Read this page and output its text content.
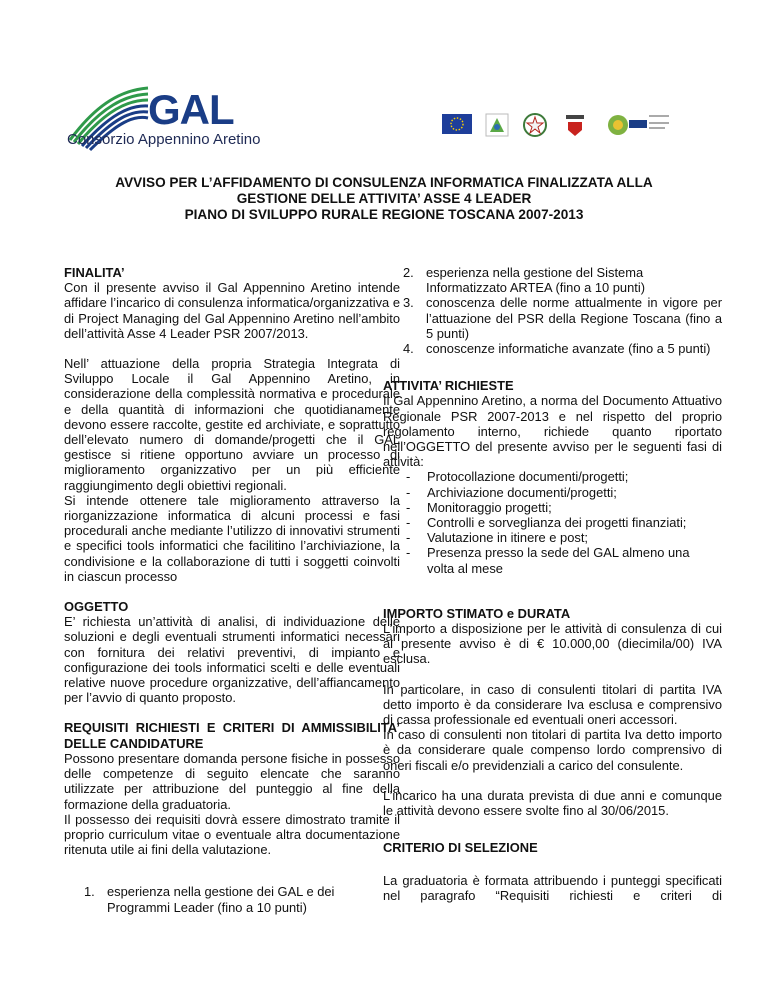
GAL
Consorzio Appennino Aretino
AVVISO PER L’AFFIDAMENTO DI CONSULENZA INFORMATICA FINALIZZATA ALLA
GESTIONE DELLE ATTIVITA’ ASSE 4 LEADER
PIANO DI SVILUPPO RURALE REGIONE TOSCANA 2007-2013

FINALITA’

Con il presente avviso il Gal Appennino Aretino intende affidare l’incarico di consulenza informatica/organizzativa e di Project Managing del Gal Appennino Aretino nell’ambito dell’attività Asse 4 Leader PSR 2007/2013.

Nell’ attuazione della propria Strategia Integrata di Sviluppo Locale il Gal Appennino Aretino, in considerazione della complessità normativa e procedurale e della quantità di informazioni che quotidianamente devono essere raccolte, gestite ed archiviate, e soprattutto dell’elevato numero di domande/progetti che il GAL gestisce si ritiene opportuno avviare un processo di miglioramento organizzativo per un più efficiente raggiungimento degli obiettivi regionali.

Si intende ottenere tale miglioramento attraverso la riorganizzazione informatica di alcuni processi e fasi procedurali anche mediante l’utilizzo di innovativi strumenti e specifici tools informatici che facilitino l’archiviazione, la condivisione e la collaborazione di tutti i soggetti coinvolti in ciascun processo

OGGETTO

E’ richiesta un’attività di analisi, di individuazione delle soluzioni e degli eventuali strumenti informatici necessari con fornitura dei relativi preventivi, di impianto e configurazione dei tools informatici scelti e delle eventuali relative nuove procedure organizzative, dell’affiancamento per l’avvio di quanto proposto.

REQUISITI RICHIESTI E CRITERI DI AMMISSIBILITA’ DELLE CANDIDATURE

Possono presentare domanda persone fisiche in possesso delle competenze di seguito elencate che saranno utilizzate per attribuzione del punteggio al fine della formazione della graduatoria.

Il possesso dei requisiti dovrà essere dimostrato tramite il proprio curriculum vitae o eventuale altra documentazione ritenuta utile ai fini della valutazione.

1. esperienza nella gestione dei GAL e dei Programmi Leader (fino a 10 punti)
2. esperienza nella gestione del Sistema Informatizzato ARTEA (fino a 10 punti)
3. conoscenza delle norme attualmente in vigore per l’attuazione del PSR della Regione Toscana (fino a 5 punti)
4. conoscenze informatiche avanzate (fino a 5 punti)

ATTIVITA’ RICHIESTE

Il Gal Appennino Aretino, a norma del Documento Attuativo Regionale PSR 2007-2013 e nel rispetto del proprio regolamento interno, richiede quanto riportato nell’OGGETTO del presente avviso per le seguenti fasi di attività:

- Protocollazione documenti/progetti;
- Archiviazione documenti/progetti;
- Monitoraggio progetti;
- Controlli e sorveglianza dei progetti finanziati;
- Valutazione in itinere e post;
- Presenza presso la sede del GAL almeno una volta al mese

IMPORTO STIMATO e DURATA

L’importo a disposizione per le attività di consulenza di cui al presente avviso è di € 10.000,00 (diecimila/00) IVA esclusa.

In particolare, in caso di consulenti titolari di partita IVA detto importo è da considerare Iva esclusa e comprensivo di cassa professionale ed eventuali oneri accessori.

In caso di consulenti non titolari di partita Iva detto importo è da considerare quale compenso lordo comprensivo di oneri fiscali e/o previdenziali a carico del consulente.

L’incarico ha una durata prevista di due anni e comunque le attività devono essere svolte fino al 30/06/2015.

CRITERIO DI SELEZIONE

La graduatoria è formata attribuendo i punteggi specificati nel paragrafo “Requisiti richiesti e criteri di
